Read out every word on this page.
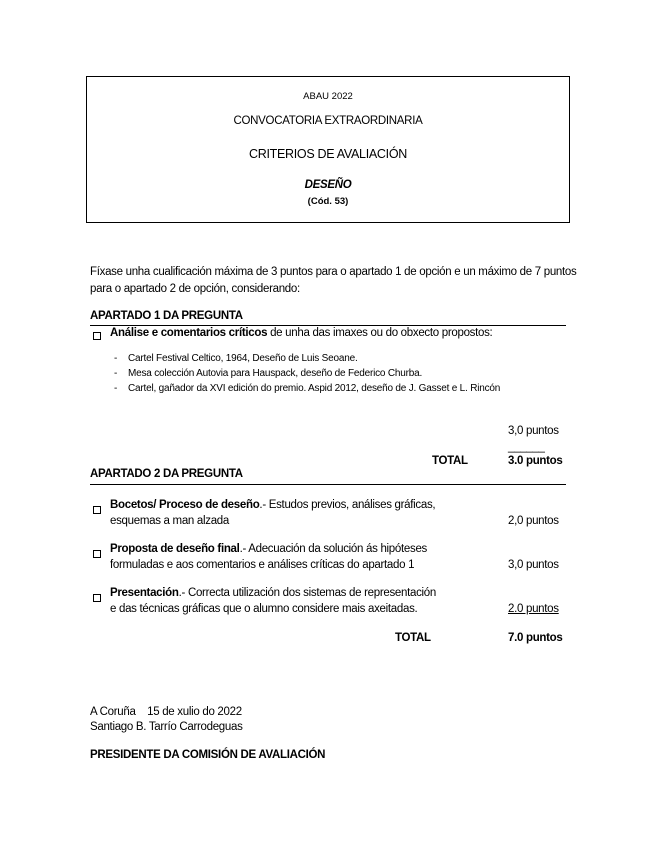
ABAU 2022
CONVOCATORIA EXTRAORDINARIA
CRITERIOS DE AVALIACIÓN
DESEÑO
(Cód. 53)
Fíxase unha cualificación máxima de 3 puntos para o apartado 1 de opción e un máximo de 7 puntos
para o apartado 2 de opción, considerando:
APARTADO 1 DA PREGUNTA
Análise e comentarios críticos de unha das imaxes ou do obxecto propostos:
- Cartel Festival Celtico, 1964, Deseño de Luis Seoane.
- Mesa colección Autovia para Hauspack, deseño de Federico Churba.
- Cartel, gañador da XVI edición do premio. Aspid 2012, deseño de J. Gasset e L. Rincón
3,0 puntos
______
TOTAL	3.0 puntos
APARTADO 2 DA PREGUNTA
Bocetos/ Proceso de deseño.- Estudos previos, análises gráficas,
esquemas a man alzada	2,0 puntos
Proposta de deseño final.- Adecuación da solución ás hipóteses
formuladas e aos comentarios e análises críticas do apartado 1	3,0 puntos
Presentación.- Correcta utilización dos sistemas de representación
e das técnicas gráficas que o alumno considere mais axeitadas.	2.0 puntos
TOTAL	7.0 puntos
A Coruña    15 de xulio do 2022
Santiago B. Tarrío Carrodeguas
PRESIDENTE DA COMISIÓN DE AVALIACIÓN
